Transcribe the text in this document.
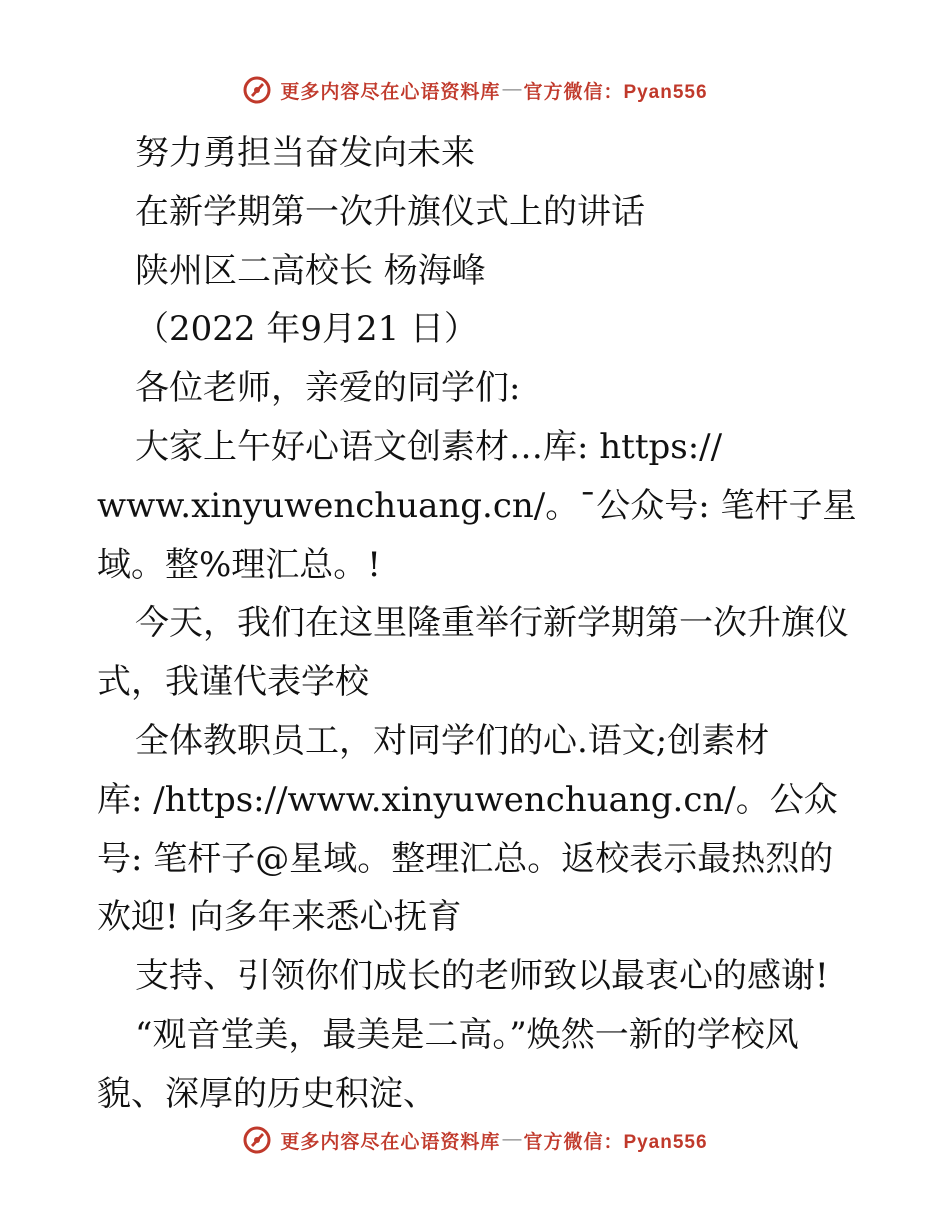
更多内容尽在心语资料库 — 官方微信：Pyan556
努力勇担当奋发向未来
在新学期第一次升旗仪式上的讲话
陕州区二高校长 杨海峰
（2022 年9月21 日）
各位老师，亲爱的同学们:
大家上午好心语文创素材…库: https://
www.xinyuwenchuang.cn/。¯公众号: 笔杆子星
域。整%理汇总。!
今天，我们在这里隆重举行新学期第一次升旗仪
式，我谨代表学校
全体教职员工，对同学们的心.语文;创素材
库: /https://www.xinyuwenchuang.cn/。公众
号: 笔杆子@星域。整理汇总。返校表示最热烈的
欢迎! 向多年来悉心抚育
支持、引领你们成长的老师致以最衷心的感谢!
“观音堂美，最美是二高。”焕然一新的学校风
貌、深厚的历史积淀、
更多内容尽在心语资料库 — 官方微信：Pyan556
